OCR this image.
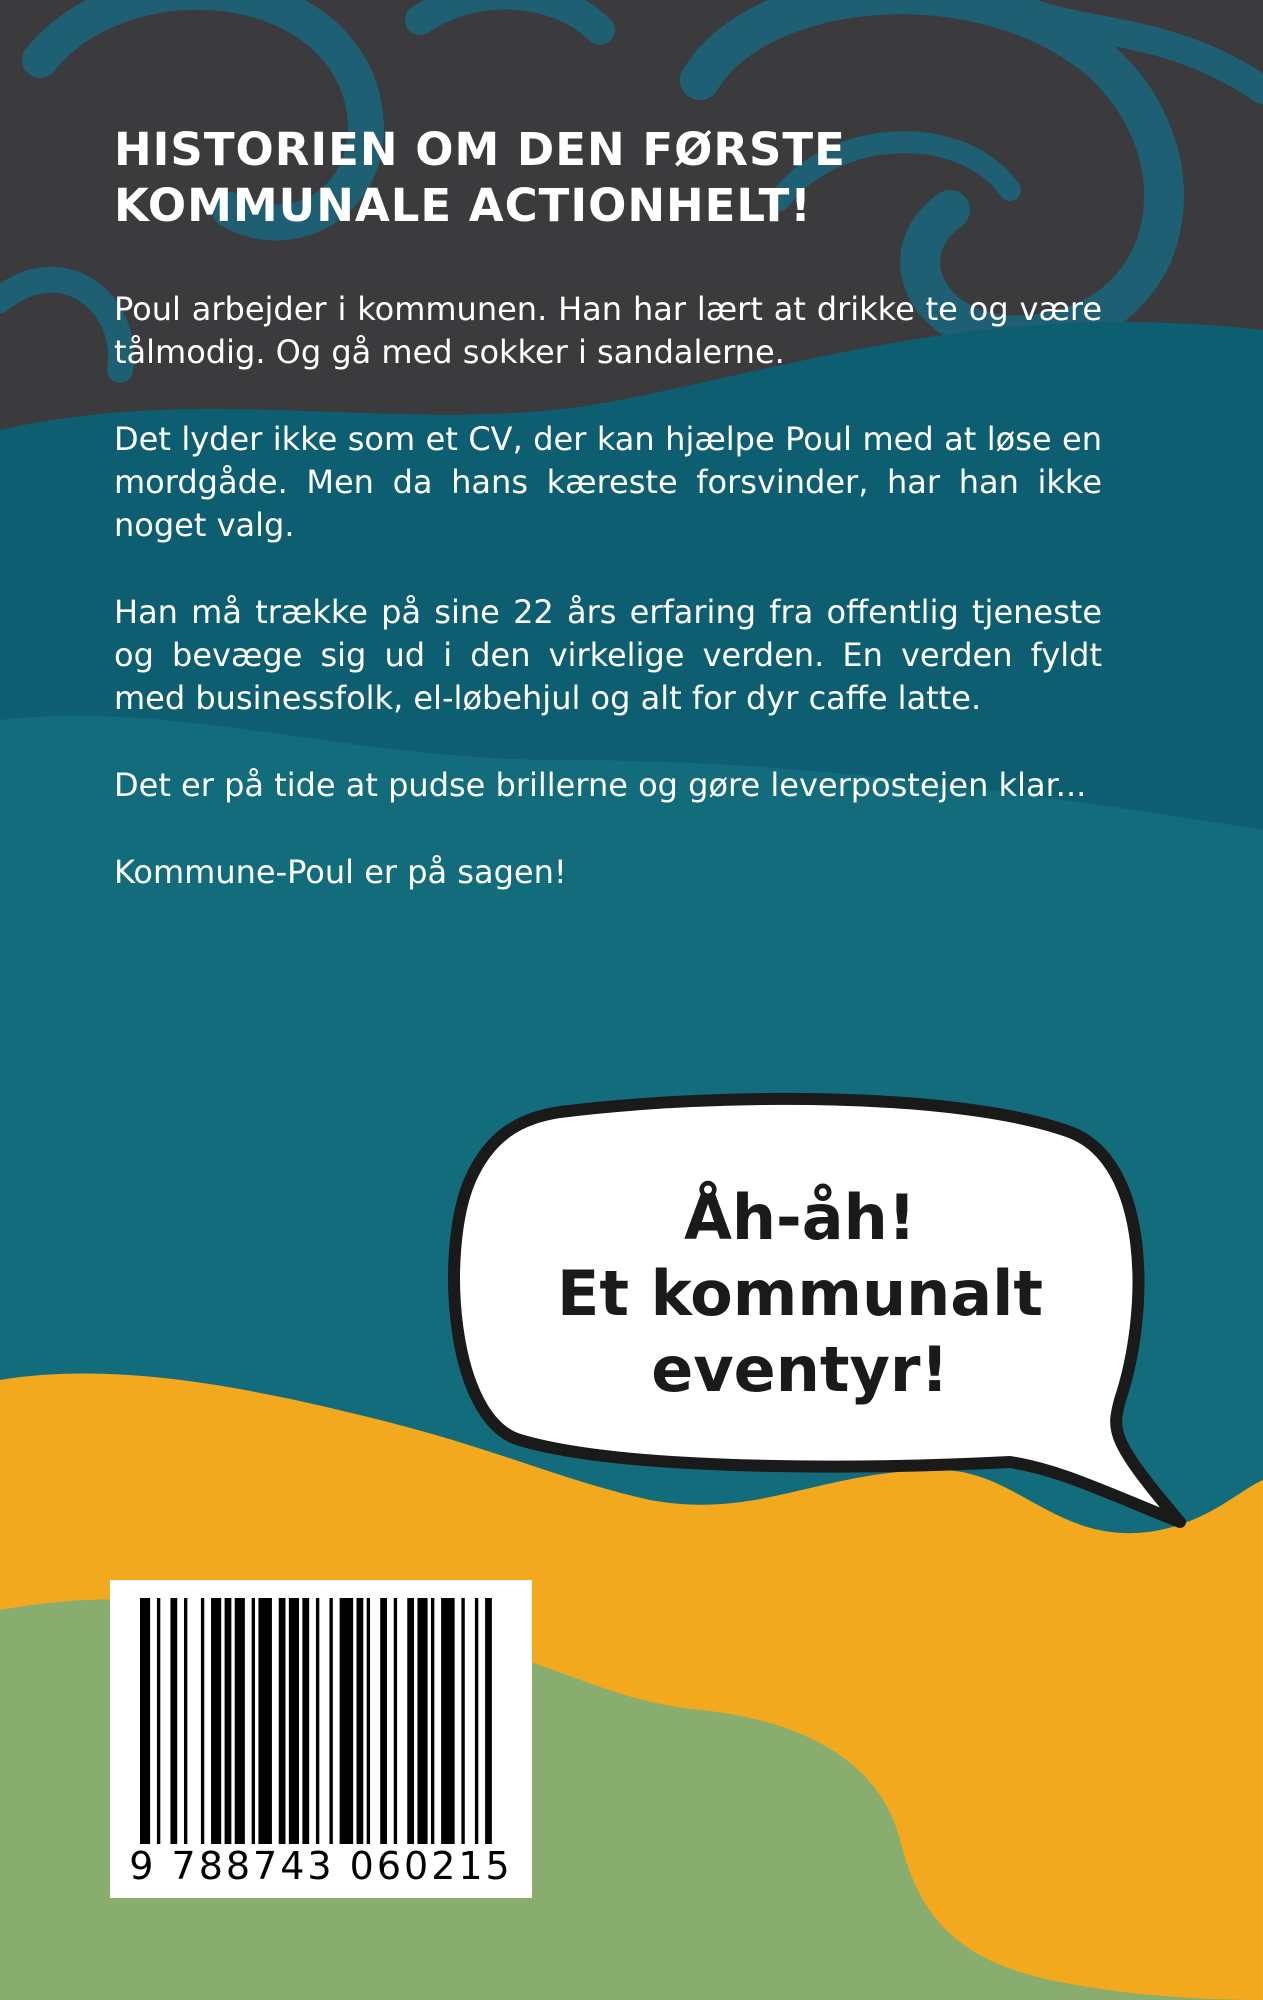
HISTORIEN OM DEN FØRSTE KOMMUNALE ACTIONHELT!

Poul arbejder i kommunen. Han har lært at drikke te og være tålmodig. Og gå med sokker i sandalerne.

Det lyder ikke som et CV, der kan hjælpe Poul med at løse en mordgåde. Men da hans kæreste forsvinder, har han ikke noget valg.

Han må trække på sine 22 års erfaring fra offentlig tjeneste og bevæge sig ud i den virkelige verden. En verden fyldt med businessfolk, el-løbehjul og alt for dyr caffe latte.

Det er på tide at pudse brillerne og gøre leverpostejen klar...

Kommune-Poul er på sagen!

Åh-åh!
Et kommunalt
eventyr!
9 788743 060215
